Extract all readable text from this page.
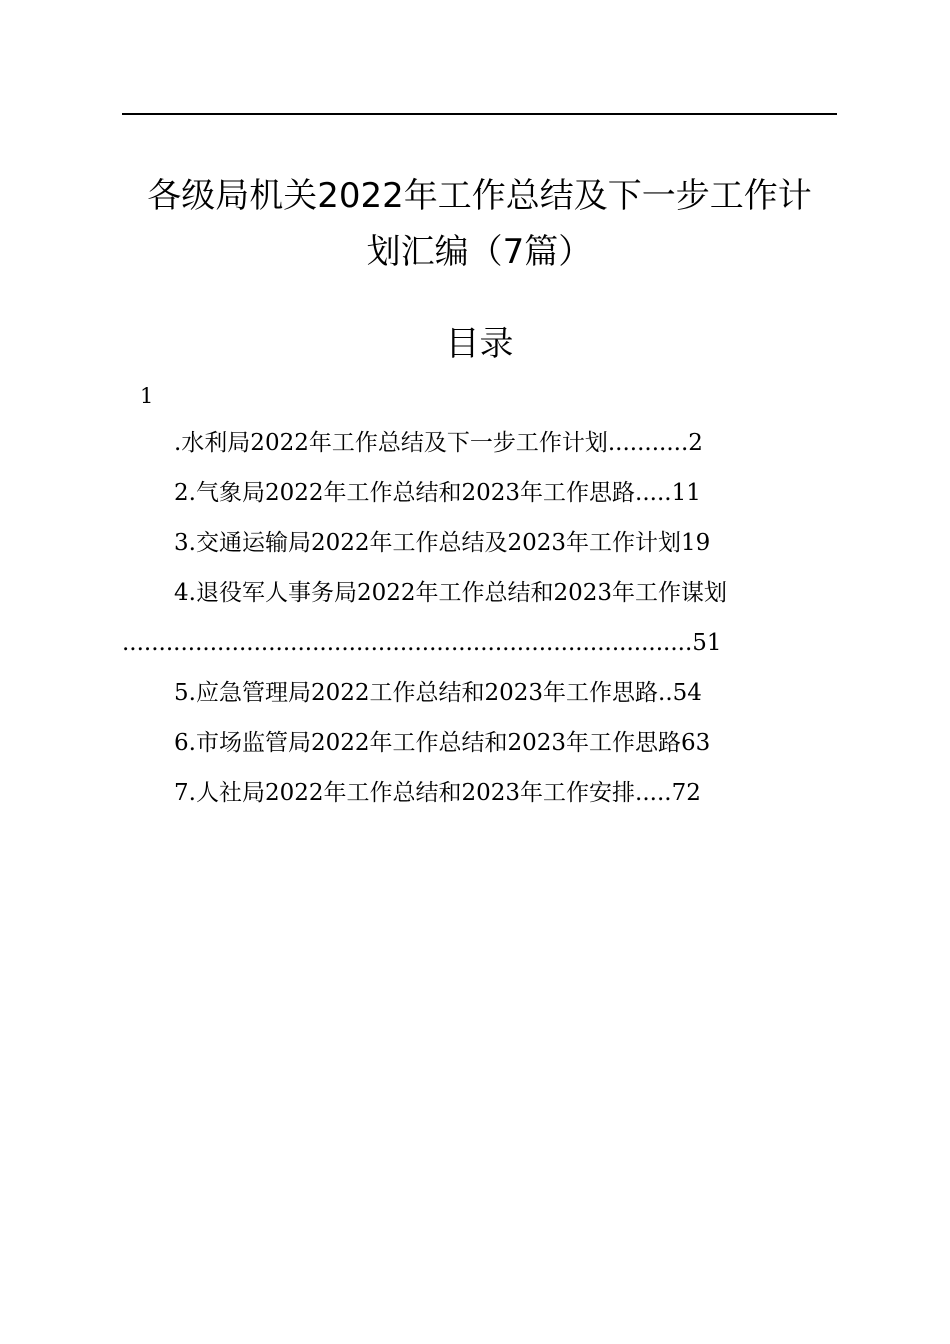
各级局机关2022年工作总结及下一步工作计
划汇编（7篇）
目录
1
.水利局2022年工作总结及下一步工作计划...........2
2.气象局2022年工作总结和2023年工作思路.....11
3.交通运输局2022年工作总结及2023年工作计划19
4.退役军人事务局2022年工作总结和2023年工作谋划
..............................................................................51
5.应急管理局2022工作总结和2023年工作思路..54
6.市场监管局2022年工作总结和2023年工作思路63
7.人社局2022年工作总结和2023年工作安排.....72
